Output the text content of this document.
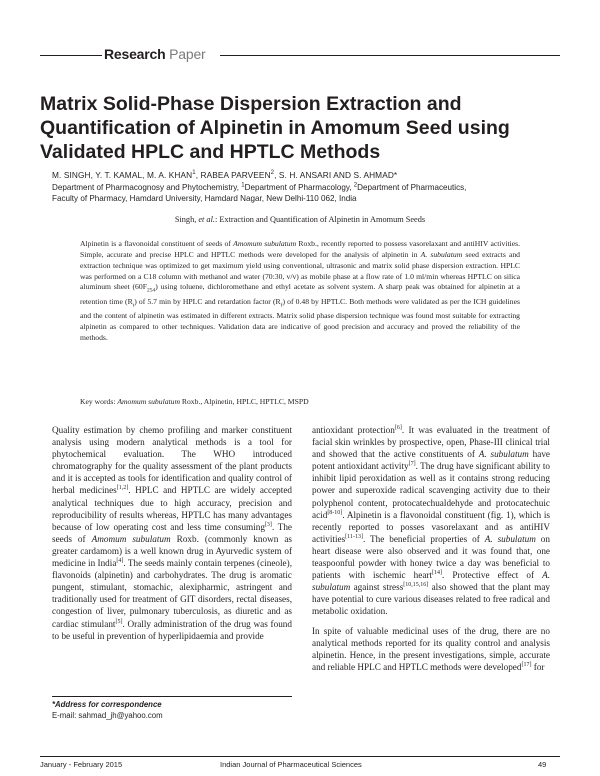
Research Paper
Matrix Solid-Phase Dispersion Extraction and
Quantification of Alpinetin in Amomum Seed using
Validated HPLC and HPTLC Methods
M. SINGH, Y. T. KAMAL, M. A. KHAN$^1$, RABEA PARVEEN$^2$, S. H. ANSARI AND S. AHMAD*
Department of Pharmacognosy and Phytochemistry, $^1$Department of Pharmacology, $^2$Department of Pharmaceutics,
Faculty of Pharmacy, Hamdard University, Hamdard Nagar, New Delhi-110 062, India
Singh, et al.: Extraction and Quantification of Alpinetin in Amomum Seeds

Alpinetin is a flavonoidal constituent of seeds of Amomum subulatum Roxb., recently reported to possess vasorelaxant and antiHIV activities. Simple, accurate and precise HPLC and HPTLC methods were developed for the analysis of alpinetin in A. subulatum seed extracts and extraction technique was optimized to get maximum yield using conventional, ultrasonic and matrix solid phase dispersion extraction. HPLC was performed on a C18 column with methanol and water (70:30, v/v) as mobile phase at a flow rate of 1.0 ml/min whereas HPTLC on silica aluminum sheet $(60F_{254})$ using toluene, dichloromethane and ethyl acetate as solvent system. A sharp peak was obtained for alpinetin at a retention time $(R_t)$ of 5.7 min by HPLC and retardation factor $(R_f)$ of 0.48 by HPTLC. Both methods were validated as per the ICH guidelines and the content of alpinetin was estimated in different extracts. Matrix solid phase dispersion technique was found most suitable for extracting alpinetin as compared to other techniques. Validation data are indicative of good precision and accuracy and proved the reliability of the methods.

Key words: Amomum subulatum Roxb., Alpinetin, HPLC, HPTLC, MSPD

Quality estimation by chemo profiling and marker constituent analysis using modern analytical methods is a tool for phytochemical evaluation. The WHO introduced chromatography for the quality assessment of the plant products and it is accepted as tools for identification and quality control of herbal medicines[1,2]. HPLC and HPTLC are widely accepted analytical techniques due to high accuracy, precision and reproducibility of results whereas, HPTLC has many advantages because of low operating cost and less time consuming[3]. The seeds of Amomum subulatum Roxb. (commonly known as greater cardamom) is a well known drug in Ayurvedic system of medicine in India[4]. The seeds mainly contain terpenes (cineole), flavonoids (alpinetin) and carbohydrates. The drug is aromatic pungent, stimulant, stomachic, alexipharmic, astringent and traditionally used for treatment of GIT disorders, rectal diseases, congestion of liver, pulmonary tuberculosis, as diuretic and as cardiac stimulant[5]. Orally administration of the drug was found to be useful in prevention of hyperlipidaemia and provide

antioxidant protection[6]. It was evaluated in the treatment of facial skin wrinkles by prospective, open, Phase-III clinical trial and showed that the active constituents of A. subulatum have potent antioxidant activity[7]. The drug have significant ability to inhibit lipid peroxidation as well as it contains strong reducing power and superoxide radical scavenging activity due to their polyphenol content, protocatechualdehyde and protocatechuic acid[8-10]. Alpinetin is a flavonoidal constituent (fig. 1), which is recently reported to posses vasorelaxant and as antiHIV activities[11-13]. The beneficial properties of A. subulatum on heart disease were also observed and it was found that, one teaspoonful powder with honey twice a day was beneficial to patients with ischemic heart[14]. Protective effect of A. subulatum against stress[10,15,16] also showed that the plant may have potential to cure various diseases related to free radical and metabolic oxidation.

In spite of valuable medicinal uses of the drug, there are no analytical methods reported for its quality control and analysis alpinetin. Hence, in the present investigations, simple, accurate and reliable HPLC and HPTLC methods were developed[17] for

*Address for correspondence
E-mail: sahmad_jh@yahoo.com
January - February 2015	Indian Journal of Pharmaceutical Sciences	49
